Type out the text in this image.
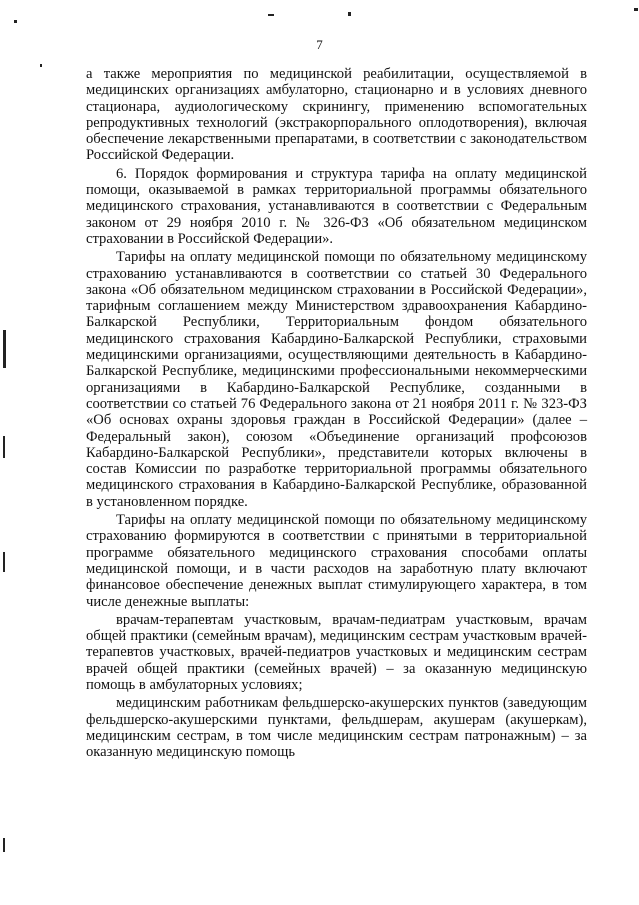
7

а также мероприятия по медицинской реабилитации, осуществляемой в медицинских организациях амбулаторно, стационарно и в условиях дневного стационара, аудиологическому скринингу, применению вспомогательных репродуктивных технологий (экстракорпорального оплодотворения), включая обеспечение лекарственными препаратами, в соответствии с законодательством Российской Федерации.

6. Порядок формирования и структура тарифа на оплату медицинской помощи, оказываемой в рамках территориальной программы обязательного медицинского страхования, устанавливаются в соответствии с Федеральным законом от 29 ноября 2010 г. № 326-ФЗ «Об обязательном медицинском страховании в Российской Федерации».

Тарифы на оплату медицинской помощи по обязательному медицинскому страхованию устанавливаются в соответствии со статьей 30 Федерального закона «Об обязательном медицинском страховании в Российской Федерации», тарифным соглашением между Министерством здравоохранения Кабардино-Балкарской Республики, Территориальным фондом обязательного медицинского страхования Кабардино-Балкарской Республики, страховыми медицинскими организациями, осуществляющими деятельность в Кабардино-Балкарской Республике, медицинскими профессиональными некоммерческими организациями в Кабардино-Балкарской Республике, созданными в соответствии со статьей 76 Федерального закона от 21 ноября 2011 г. № 323-ФЗ «Об основах охраны здоровья граждан в Российской Федерации» (далее – Федеральный закон), союзом «Объединение организаций профсоюзов Кабардино-Балкарской Республики», представители которых включены в состав Комиссии по разработке территориальной программы обязательного медицинского страхования в Кабардино-Балкарской Республике, образованной в установленном порядке.

Тарифы на оплату медицинской помощи по обязательному медицинскому страхованию формируются в соответствии с принятыми в территориальной программе обязательного медицинского страхования способами оплаты медицинской помощи, и в части расходов на заработную плату включают финансовое обеспечение денежных выплат стимулирующего характера, в том числе денежные выплаты:

врачам-терапевтам участковым, врачам-педиатрам участковым, врачам общей практики (семейным врачам), медицинским сестрам участковым врачей-терапевтов участковых, врачей-педиатров участковых и медицинским сестрам врачей общей практики (семейных врачей) – за оказанную медицинскую помощь в амбулаторных условиях;

медицинским работникам фельдшерско-акушерских пунктов (заведующим фельдшерско-акушерскими пунктами, фельдшерам, акушерам (акушеркам), медицинским сестрам, в том числе медицинским сестрам патронажным) – за оказанную медицинскую помощь
